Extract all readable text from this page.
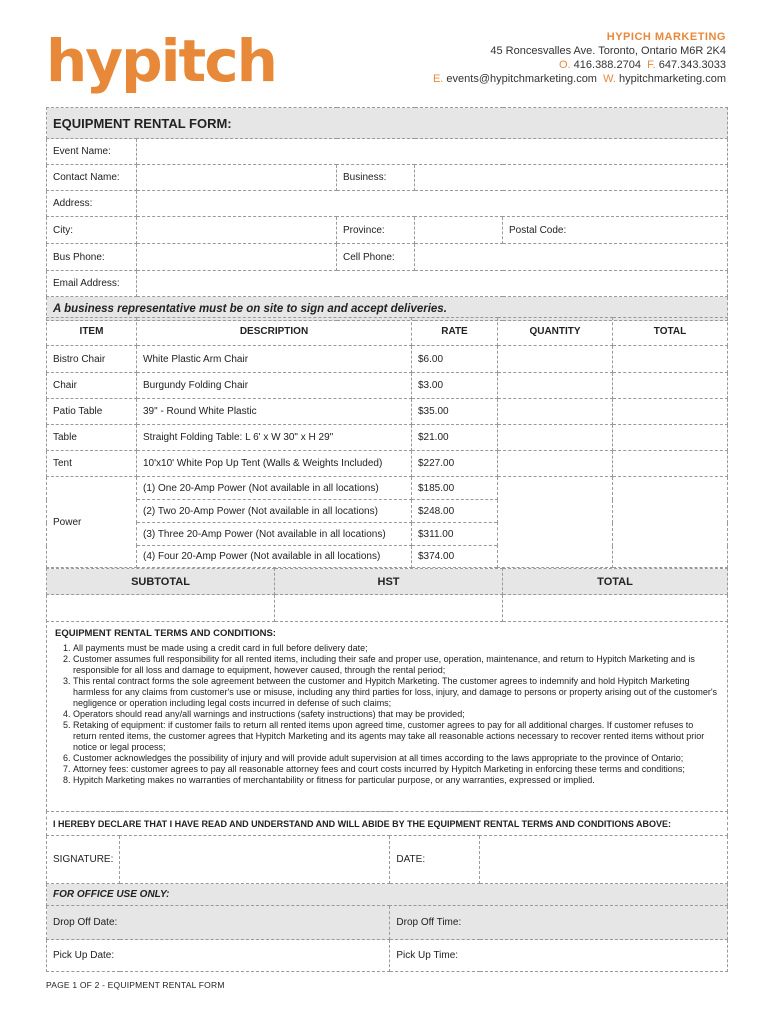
hypitch	HYPICH MARKETING
45 Roncesvalles Ave. Toronto, Ontario M6R 2K4
O. 416.388.2704 F. 647.343.3033
E. events@hypitchmarketing.com W. hypitchmarketing.com
EQUIPMENT RENTAL FORM:				
Event Name:				
Contact Name:		Business:		
Address:				
City:		Province:		Postal Code:
Bus Phone:		Cell Phone:		
Email Address:				
A business representative must be on site to sign and accept deliveries.				
ITEM	DESCRIPTION	RATE	QUANTITY	TOTAL
Bistro Chair	White Plastic Arm Chair	$6.00		
Chair	Burgundy Folding Chair	$3.00		
Patio Table	39" - Round White Plastic	$35.00		
Table	Straight Folding Table: L 6' x W 30" x H 29"	$21.00		
Tent	10'x10' White Pop Up Tent (Walls & Weights Included)	$227.00		
Power	(1) One 20-Amp Power (Not available in all locations)	$185.00		
	(2) Two 20-Amp Power (Not available in all locations)	$248.00		
	(3) Three 20-Amp Power (Not available in all locations)	$311.00		
	(4) Four 20-Amp Power (Not available in all locations)	$374.00		
SUBTOTAL	HST	TOTAL

EQUIPMENT RENTAL TERMS AND CONDITIONS:
1. All payments must be made using a credit card in full before delivery date;
2. Customer assumes full responsibility for all rented items, including their safe and proper use, operation, maintenance, and return to Hypitch Marketing and is responsible for all loss and damage to equipment, however caused, through the rental period;
3. This rental contract forms the sole agreement between the customer and Hypitch Marketing. The customer agrees to indemnify and hold Hypitch Marketing harmless for any claims from customer's use or misuse, including any third parties for loss, injury, and damage to persons or property arising out of the customer's negligence or operation including legal costs incurred in defense of such claims;
4. Operators should read any/all warnings and instructions (safety instructions) that may be provided;
5. Retaking of equipment: if customer fails to return all rented items upon agreed time, customer agrees to pay for all additional charges. If customer refuses to return rented items, the customer agrees that Hypitch Marketing and its agents may take all reasonable actions necessary to recover rented items without prior notice or legal process;
6. Customer acknowledges the possibility of injury and will provide adult supervision at all times according to the laws appropriate to the province of Ontario;
7. Attorney fees: customer agrees to pay all reasonable attorney fees and court costs incurred by Hypitch Marketing in enforcing these terms and conditions;
8. Hypitch Marketing makes no warranties of merchantability or fitness for particular purpose, or any warranties, expressed or implied.
I HEREBY DECLARE THAT I HAVE READ AND UNDERSTAND AND WILL ABIDE BY THE EQUIPMENT RENTAL TERMS AND CONDITIONS ABOVE:			
SIGNATURE:		DATE:	
FOR OFFICE USE ONLY:			
Drop Off Date:		Drop Off Time:	
Pick Up Date:		Pick Up Time:	
PAGE 1 OF 2 - EQUIPMENT RENTAL FORM
